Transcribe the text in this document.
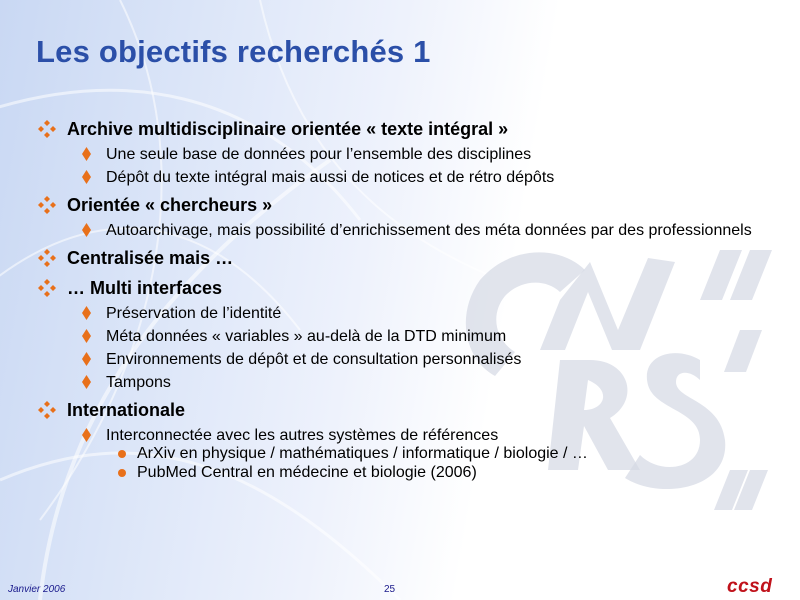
Les objectifs recherchés 1
Archive multidisciplinaire orientée « texte intégral »
Une seule base de données pour l’ensemble des disciplines
Dépôt du texte intégral mais aussi de notices et de rétro dépôts
Orientée « chercheurs »
Autoarchivage, mais possibilité d’enrichissement des méta données par des professionnels
Centralisée mais …
… Multi interfaces
Préservation de l’identité
Méta données « variables » au-delà de la DTD minimum
Environnements de dépôt et de consultation personnalisés
Tampons
Internationale
Interconnectée avec les autres systèmes de références
ArXiv en physique / mathématiques / informatique / biologie / …
PubMed Central en médecine et biologie (2006)
Janvier 2006	25	ccsd
